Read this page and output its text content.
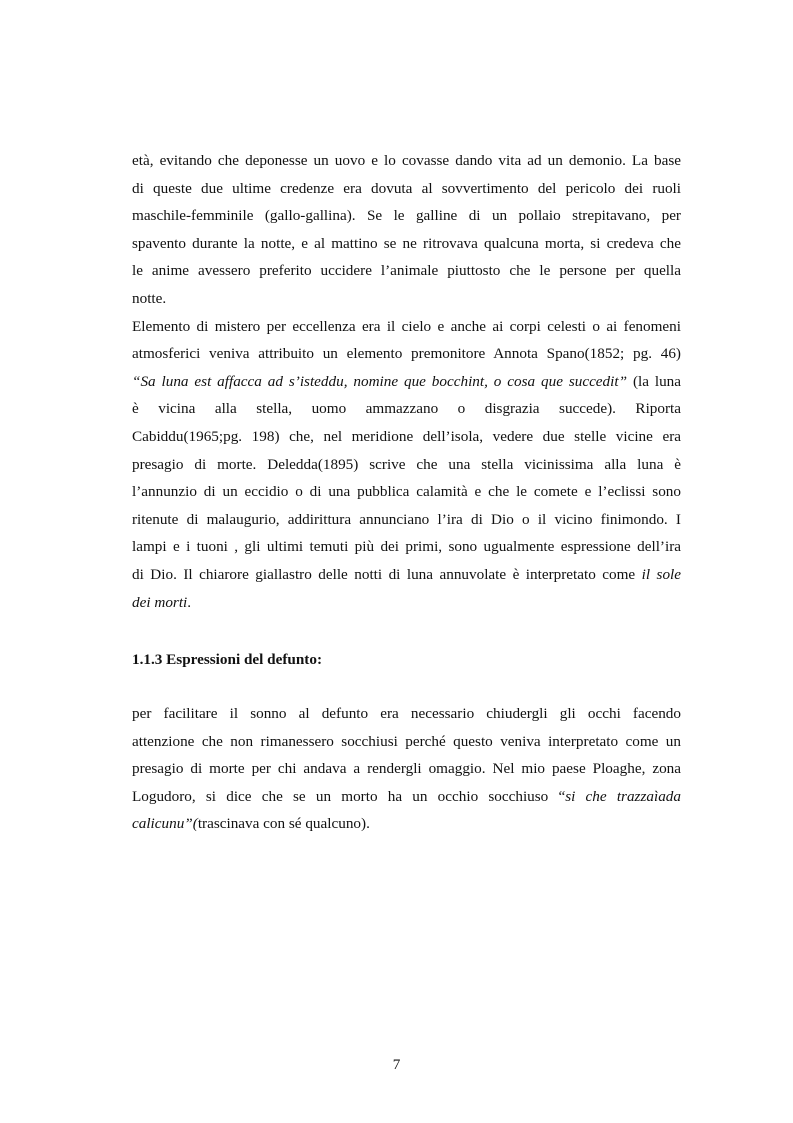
età, evitando che deponesse un uovo e lo covasse dando vita ad un demonio. La base

di queste due ultime credenze era dovuta al sovvertimento del pericolo dei ruoli

maschile-femminile (gallo-gallina). Se le galline di un pollaio strepitavano, per

spavento durante la notte, e al mattino se ne ritrovava qualcuna morta, si credeva che

le anime avessero preferito uccidere l’animale piuttosto che le persone per quella

notte.

Elemento di mistero per eccellenza era il cielo e anche ai corpi celesti o ai fenomeni

atmosferici veniva attribuito un elemento premonitore Annota Spano(1852; pg. 46)

“Sa luna est affacca ad s’isteddu, nomine que bocchint, o cosa que succedit” (la luna

è vicina alla stella, uomo ammazzano o disgrazia succede). Riporta

Cabiddu(1965;pg. 198) che, nel meridione dell’isola, vedere due stelle vicine era

presagio di morte. Deledda(1895) scrive che una stella vicinissima alla luna è

l’annunzio di un eccidio o di una pubblica calamità e che le comete e l’eclissi sono

ritenute di malaugurio, addirittura annunciano l’ira di Dio o il vicino finimondo. I

lampi e i tuoni , gli ultimi temuti più dei primi, sono ugualmente espressione dell’ira

di Dio. Il chiarore giallastro delle notti di luna annuvolate è interpretato come il sole

dei morti.

1.1.3 Espressioni del defunto:

per facilitare il sonno al defunto era necessario chiudergli gli occhi facendo

attenzione che non rimanessero socchiusi perché questo veniva interpretato come un

presagio di morte per chi andava a rendergli omaggio. Nel mio paese Ploaghe, zona

Logudoro, si dice che se un morto ha un occhio socchiuso “si che trazzaìada

calicunu”(trascinava con sé qualcuno).

7
